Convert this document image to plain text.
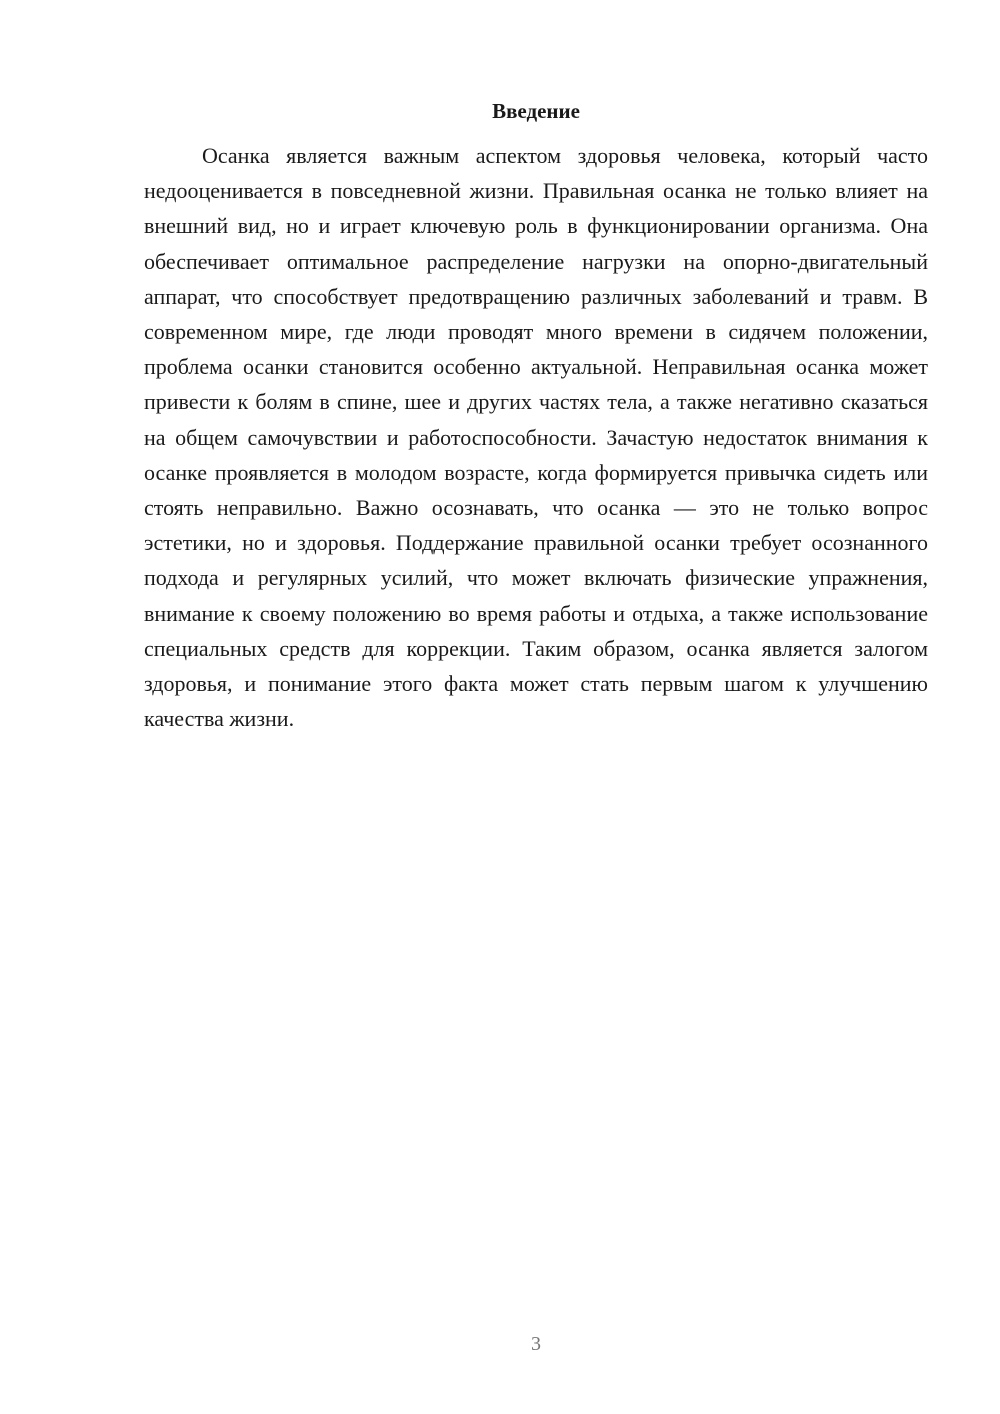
Введение

Осанка является важным аспектом здоровья человека, который часто недооценивается в повседневной жизни. Правильная осанка не только влияет на внешний вид, но и играет ключевую роль в функционировании организма. Она обеспечивает оптимальное распределение нагрузки на опорно-двигательный аппарат, что способствует предотвращению различных заболеваний и травм. В современном мире, где люди проводят много времени в сидячем положении, проблема осанки становится особенно актуальной. Неправильная осанка может привести к болям в спине, шее и других частях тела, а также негативно сказаться на общем самочувствии и работоспособности. Зачастую недостаток внимания к осанке проявляется в молодом возрасте, когда формируется привычка сидеть или стоять неправильно. Важно осознавать, что осанка — это не только вопрос эстетики, но и здоровья. Поддержание правильной осанки требует осознанного подхода и регулярных усилий, что может включать физические упражнения, внимание к своему положению во время работы и отдыха, а также использование специальных средств для коррекции. Таким образом, осанка является залогом здоровья, и понимание этого факта может стать первым шагом к улучшению качества жизни.

3
